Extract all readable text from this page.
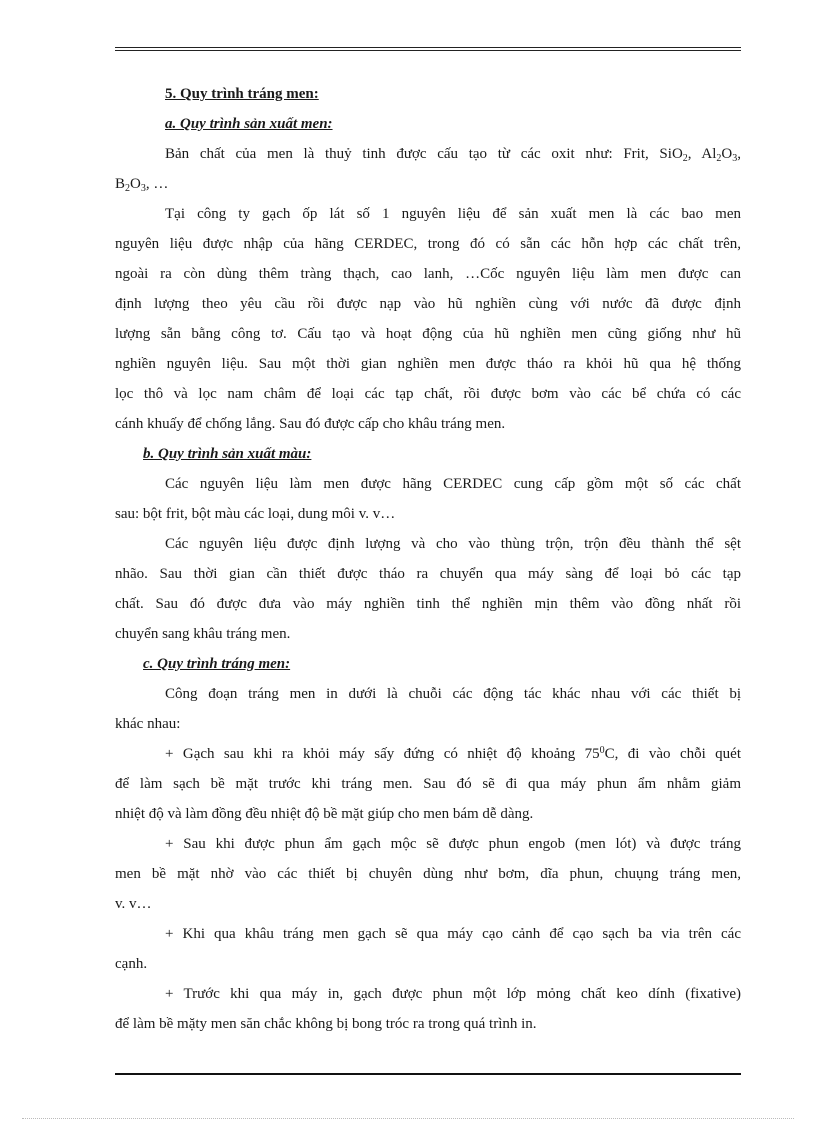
5. Quy trình tráng men:
a. Quy trình sản xuất men:
Bản chất của men là thuỷ tinh được cấu tạo từ các oxit như: Frit, SiO$_2$, $Al_2O_3$,
$B_2O_3$, …
Tại công ty gạch ốp lát số 1 nguyên liệu để sản xuất men là các bao men
nguyên liệu được nhập của hãng CERDEC, trong đó có sẵn các hỗn hợp các chất trên,
ngoài ra còn dùng thêm tràng thạch, cao lanh, …Cốc nguyên liệu làm men được can
định lượng theo yêu cầu rồi được nạp vào hũ nghiền cùng với nước đã được định
lượng sẵn bằng công tơ. Cấu tạo và hoạt động của hũ nghiền men cũng giống như hũ
nghiền nguyên liệu. Sau một thời gian nghiền men được tháo ra khỏi hũ qua hệ thống
lọc thô và lọc nam châm để loại các tạp chất, rồi được bơm vào các bể chứa có các
cánh khuấy để chống lắng. Sau đó được cấp cho khâu tráng men.
b. Quy trình sản xuất màu:
Các nguyên liệu làm men được hãng CERDEC cung cấp gồm một số các chất
sau: bột frit, bột màu các loại, dung môi v. v…
Các nguyên liệu được định lượng và cho vào thùng trộn, trộn đều thành thể sệt
nhão. Sau thời gian cần thiết được tháo ra chuyển qua máy sàng để loại bỏ các tạp
chất. Sau đó được đưa vào máy nghiền tinh thể nghiền mịn thêm vào đồng nhất rồi
chuyển sang khâu tráng men.
c. Quy trình tráng men:
Công đoạn tráng men in dưới là chuỗi các động tác khác nhau với các thiết bị
khác nhau:
+ Gạch sau khi ra khỏi máy sấy đứng có nhiệt độ khoảng $75^0C$, đi vào chỗi quét
để làm sạch bề mặt trước khi tráng men. Sau đó sẽ đi qua máy phun ẩm nhằm giảm
nhiệt độ và làm đồng đều nhiệt độ bề mặt giúp cho men bám dễ dàng.
+ Sau khi được phun ẩm gạch mộc sẽ được phun engob (men lót) và được tráng
men bề mặt nhờ vào các thiết bị chuyên dùng như bơm, dĩa phun, chuụng tráng men,
v. v…
+ Khi qua khâu tráng men gạch sẽ qua máy cạo cảnh để cạo sạch ba via trên các
cạnh.
+ Trước khi qua máy in, gạch được phun một lớp mỏng chất keo dính (fixative)
để làm bề mặty men săn chắc không bị bong tróc ra trong quá trình in.
